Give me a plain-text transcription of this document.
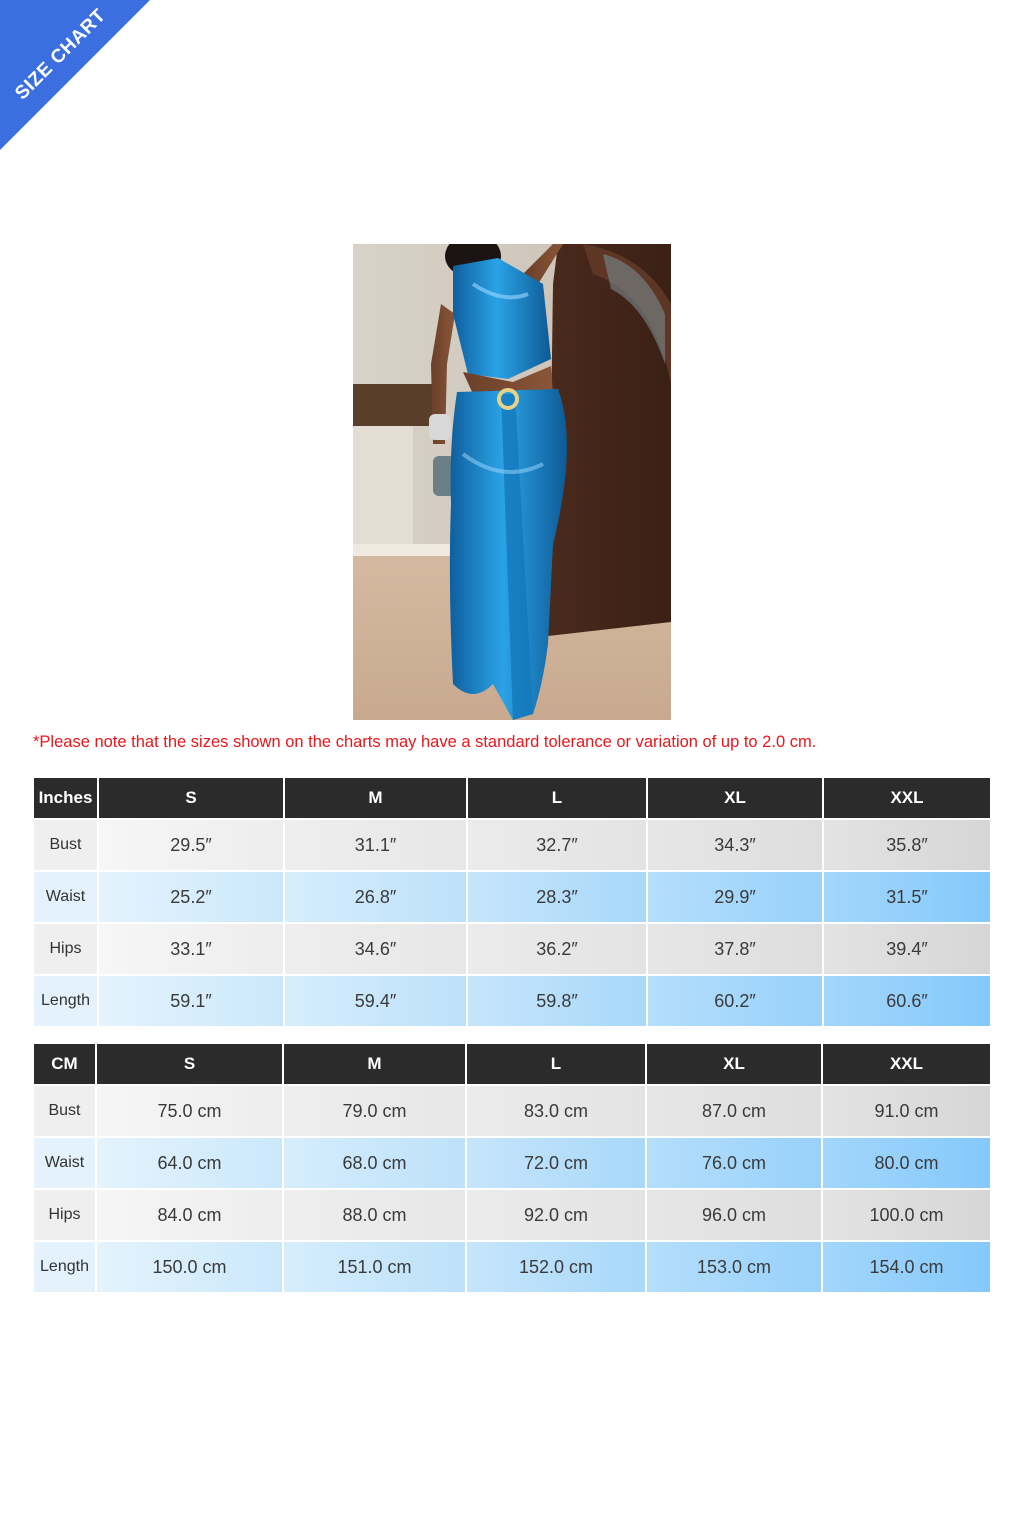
SIZE CHART
*Please note that the sizes shown on the charts may have a standard tolerance or variation of up to 2.0 cm.
Inches	S	M	L	XL	XXL
Bust	29.5″	31.1″	32.7″	34.3″	35.8″
Waist	25.2″	26.8″	28.3″	29.9″	31.5″
Hips	33.1″	34.6″	36.2″	37.8″	39.4″
Length	59.1″	59.4″	59.8″	60.2″	60.6″
CM	S	M	L	XL	XXL
Bust	75.0 cm	79.0 cm	83.0 cm	87.0 cm	91.0 cm
Waist	64.0 cm	68.0 cm	72.0 cm	76.0 cm	80.0 cm
Hips	84.0 cm	88.0 cm	92.0 cm	96.0 cm	100.0 cm
Length	150.0 cm	151.0 cm	152.0 cm	153.0 cm	154.0 cm
